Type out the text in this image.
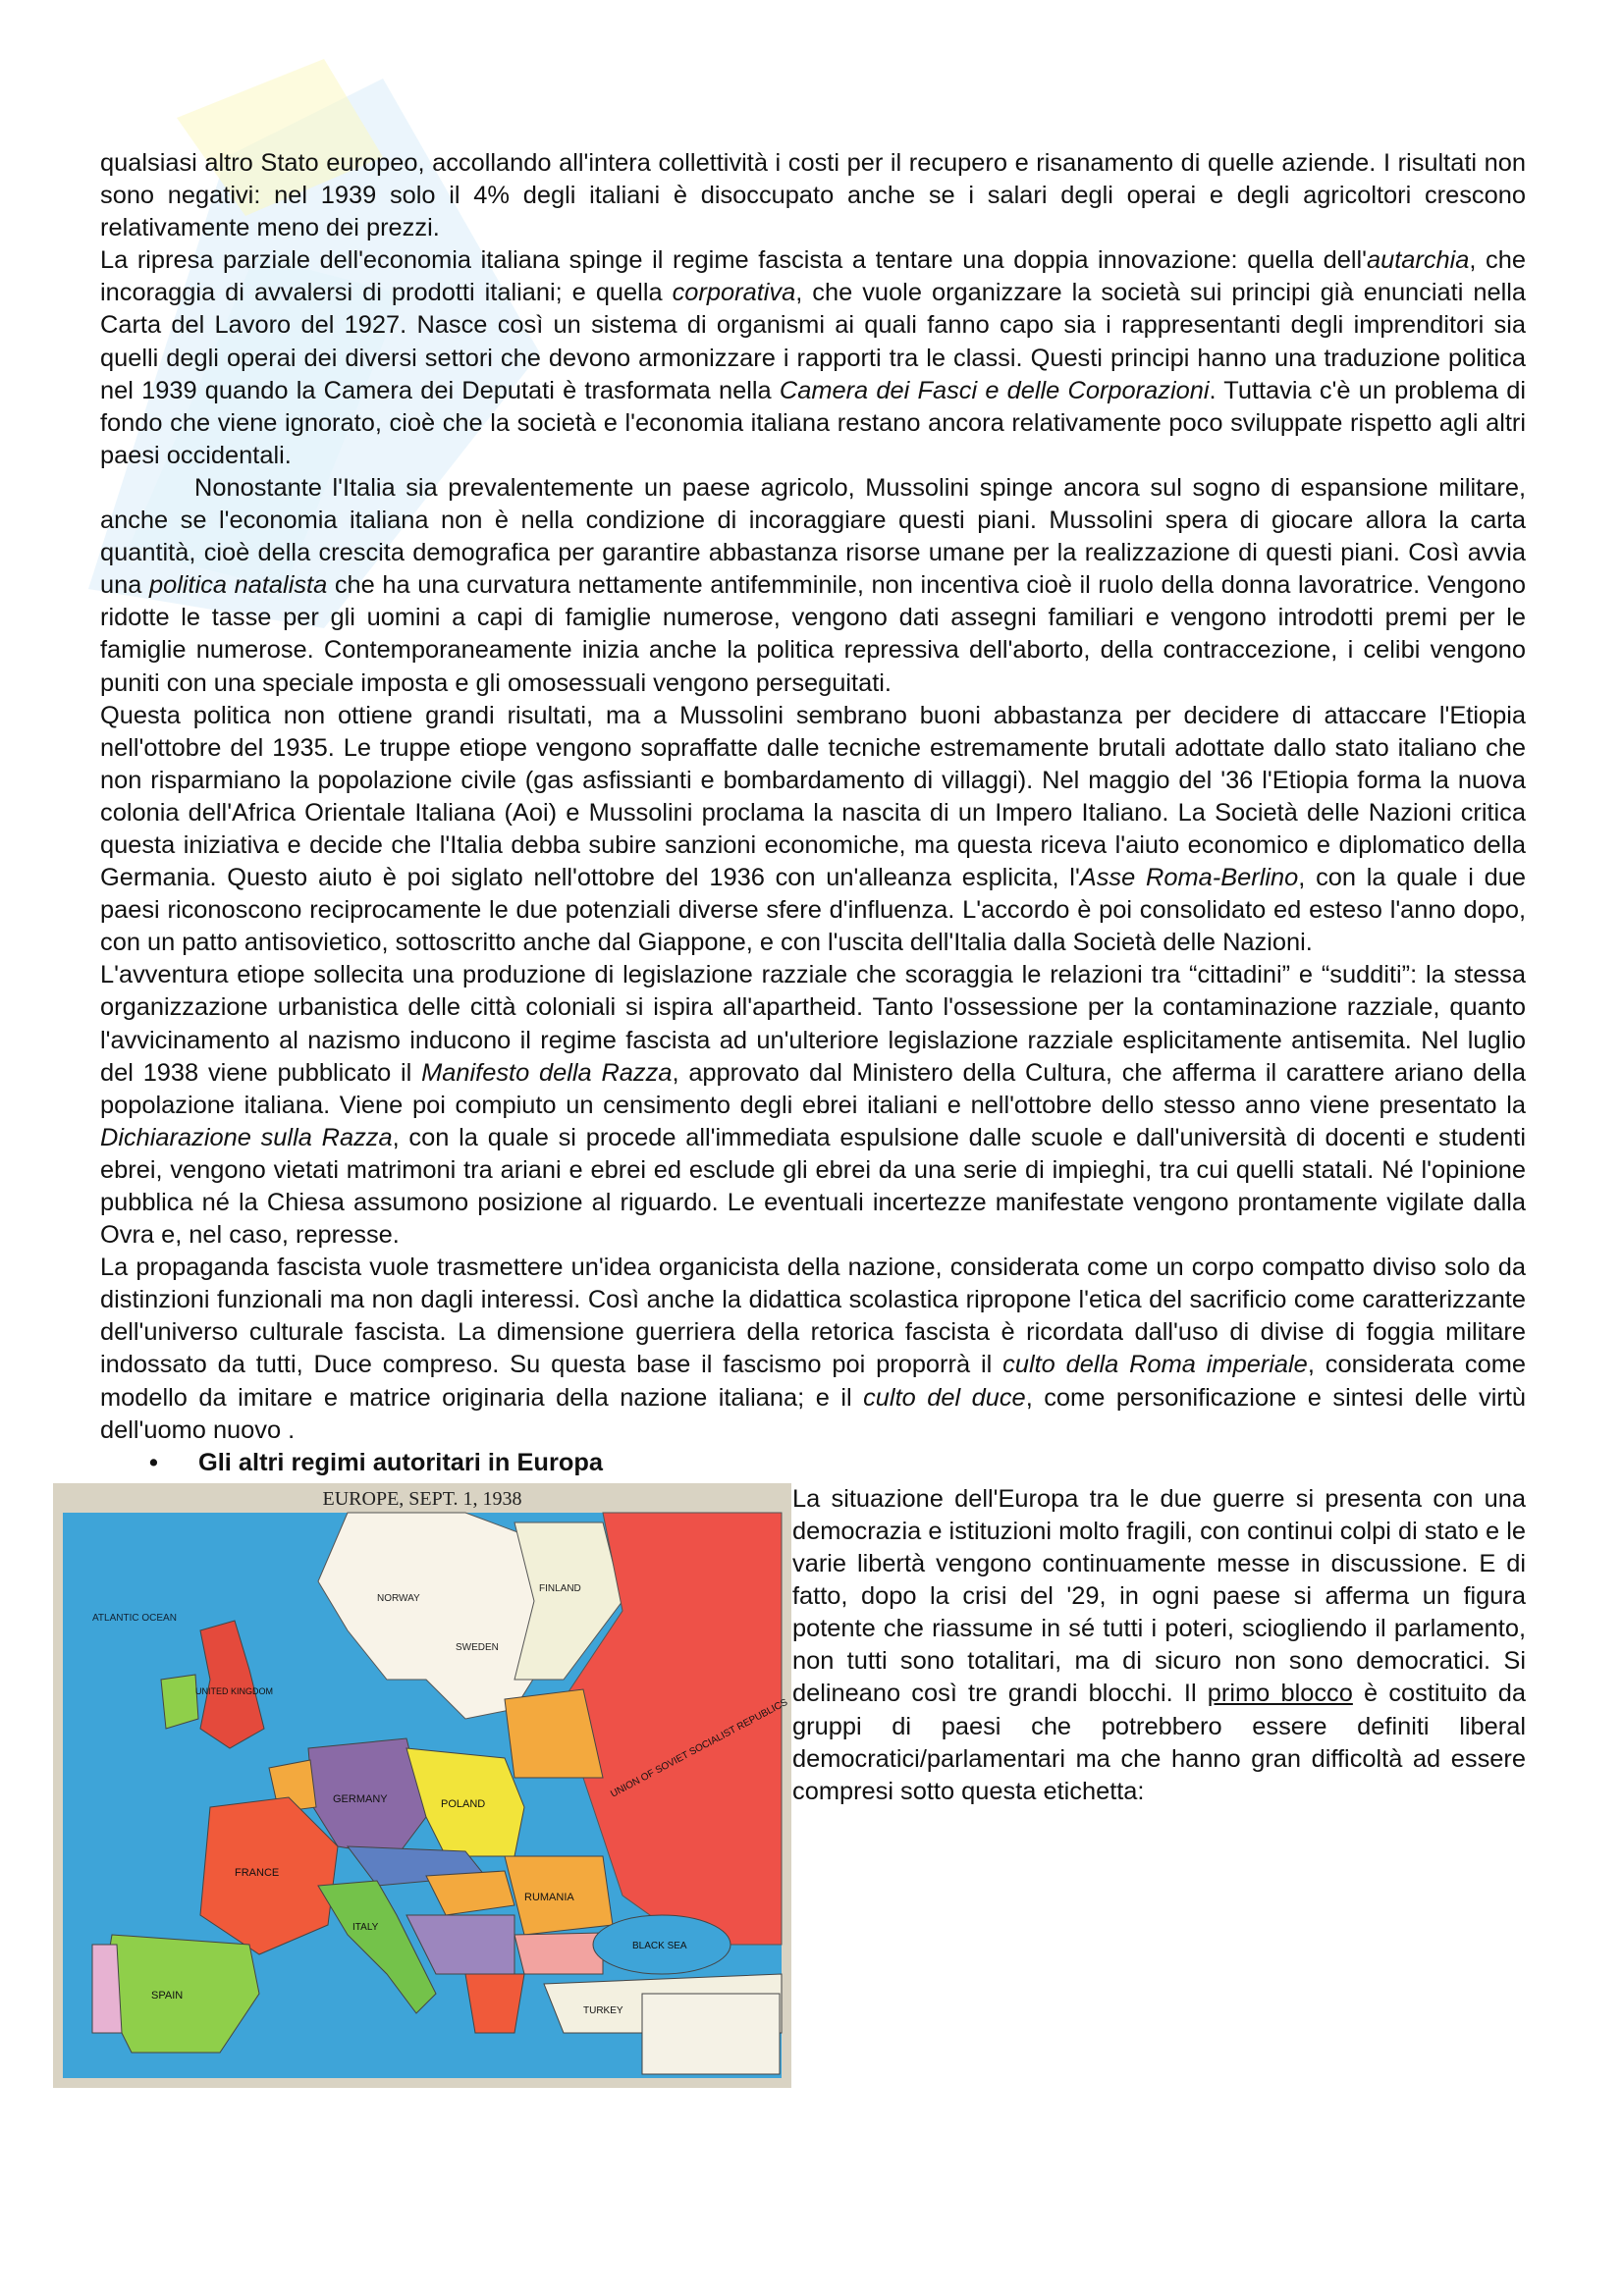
qualsiasi altro Stato europeo, accollando all'intera collettività i costi per il recupero e risanamento di quelle aziende. I risultati non sono negativi: nel 1939 solo il 4% degli italiani è disoccupato anche se i salari degli operai e degli agricoltori crescono relativamente meno dei prezzi.

La ripresa parziale dell'economia italiana spinge il regime fascista a tentare una doppia innovazione: quella dell'autarchia, che incoraggia di avvalersi di prodotti italiani; e quella corporativa, che vuole organizzare la società sui principi già enunciati nella Carta del Lavoro del 1927. Nasce così un sistema di organismi ai quali fanno capo sia i rappresentanti degli imprenditori sia quelli degli operai dei diversi settori che devono armonizzare i rapporti tra le classi. Questi principi hanno una traduzione politica nel 1939 quando la Camera dei Deputati è trasformata nella Camera dei Fasci e delle Corporazioni. Tuttavia c'è un problema di fondo che viene ignorato, cioè che la società e l'economia italiana restano ancora relativamente poco sviluppate rispetto agli altri paesi occidentali.

Nonostante l'Italia sia prevalentemente un paese agricolo, Mussolini spinge ancora sul sogno di espansione militare, anche se l'economia italiana non è nella condizione di incoraggiare questi piani. Mussolini spera di giocare allora la carta quantità, cioè della crescita demografica per garantire abbastanza risorse umane per la realizzazione di questi piani. Così avvia una politica natalista che ha una curvatura nettamente antifemminile, non incentiva cioè il ruolo della donna lavoratrice. Vengono ridotte le tasse per gli uomini a capi di famiglie numerose, vengono dati assegni familiari e vengono introdotti premi per le famiglie numerose. Contemporaneamente inizia anche la politica repressiva dell'aborto, della contraccezione, i celibi vengono puniti con una speciale imposta e gli omosessuali vengono perseguitati.

Questa politica non ottiene grandi risultati, ma a Mussolini sembrano buoni abbastanza per decidere di attaccare l'Etiopia nell'ottobre del 1935. Le truppe etiope vengono sopraffatte dalle tecniche estremamente brutali adottate dallo stato italiano che non risparmiano la popolazione civile (gas asfissianti e bombardamento di villaggi). Nel maggio del '36 l'Etiopia forma la nuova colonia dell'Africa Orientale Italiana (Aoi) e Mussolini proclama la nascita di un Impero Italiano. La Società delle Nazioni critica questa iniziativa e decide che l'Italia debba subire sanzioni economiche, ma questa riceva l'aiuto economico e diplomatico della Germania. Questo aiuto è poi siglato nell'ottobre del 1936 con un'alleanza esplicita, l'Asse Roma-Berlino, con la quale i due paesi riconoscono reciprocamente le due potenziali diverse sfere d'influenza. L'accordo è poi consolidato ed esteso l'anno dopo, con un patto antisovietico, sottoscritto anche dal Giappone, e con l'uscita dell'Italia dalla Società delle Nazioni.

L'avventura etiope sollecita una produzione di legislazione razziale che scoraggia le relazioni tra “cittadini” e “sudditi”: la stessa organizzazione urbanistica delle città coloniali si ispira all'apartheid. Tanto l'ossessione per la contaminazione razziale, quanto l'avvicinamento al nazismo inducono il regime fascista ad un'ulteriore legislazione razziale esplicitamente antisemita. Nel luglio del 1938 viene pubblicato il Manifesto della Razza, approvato dal Ministero della Cultura, che afferma il carattere ariano della popolazione italiana. Viene poi compiuto un censimento degli ebrei italiani e nell'ottobre dello stesso anno viene presentato la Dichiarazione sulla Razza, con la quale si procede all'immediata espulsione dalle scuole e dall'università di docenti e studenti ebrei, vengono vietati matrimoni tra ariani e ebrei ed esclude gli ebrei da una serie di impieghi, tra cui quelli statali. Né l'opinione pubblica né la Chiesa assumono posizione al riguardo. Le eventuali incertezze manifestate vengono prontamente vigilate dalla Ovra e, nel caso, represse.

La propaganda fascista vuole trasmettere un'idea organicista della nazione, considerata come un corpo compatto diviso solo da distinzioni funzionali ma non dagli interessi. Così anche la didattica scolastica ripropone l'etica del sacrificio come caratterizzante dell'universo culturale fascista. La dimensione guerriera della retorica fascista è ricordata dall'uso di divise di foggia militare indossato da tutti, Duce compreso. Su questa base il fascismo poi proporrà il culto della Roma imperiale, considerata come modello da imitare e matrice originaria della nazione italiana; e il culto del duce, come personificazione e sintesi delle virtù dell'uomo nuovo .

•	Gli altri regimi autoritari in Europa
EUROPE, SEPT. 1, 1938
ATLANTIC OCEAN
NORWAY
SWEDEN
FINLAND
UNITED KINGDOM
UNION OF SOVIET SOCIALIST REPUBLICS
GERMANY	POLAND
FRANCE
SPAIN
ITALY
RUMANIA
BLACK SEA
TURKEY

La situazione dell'Europa tra le due guerre si presenta con una democrazia e istituzioni molto fragili, con continui colpi di stato e le varie libertà vengono continuamente messe in discussione. E di fatto, dopo la crisi del '29, in ogni paese si afferma un figura potente che riassume in sé tutti i poteri, sciogliendo il parlamento, non tutti sono totalitari, ma di sicuro non sono democratici. Si delineano così tre grandi blocchi. Il primo blocco è costituito da gruppi di paesi che potrebbero essere definiti liberal democratici/parlamentari ma che hanno gran difficoltà ad essere compresi sotto questa etichetta:
